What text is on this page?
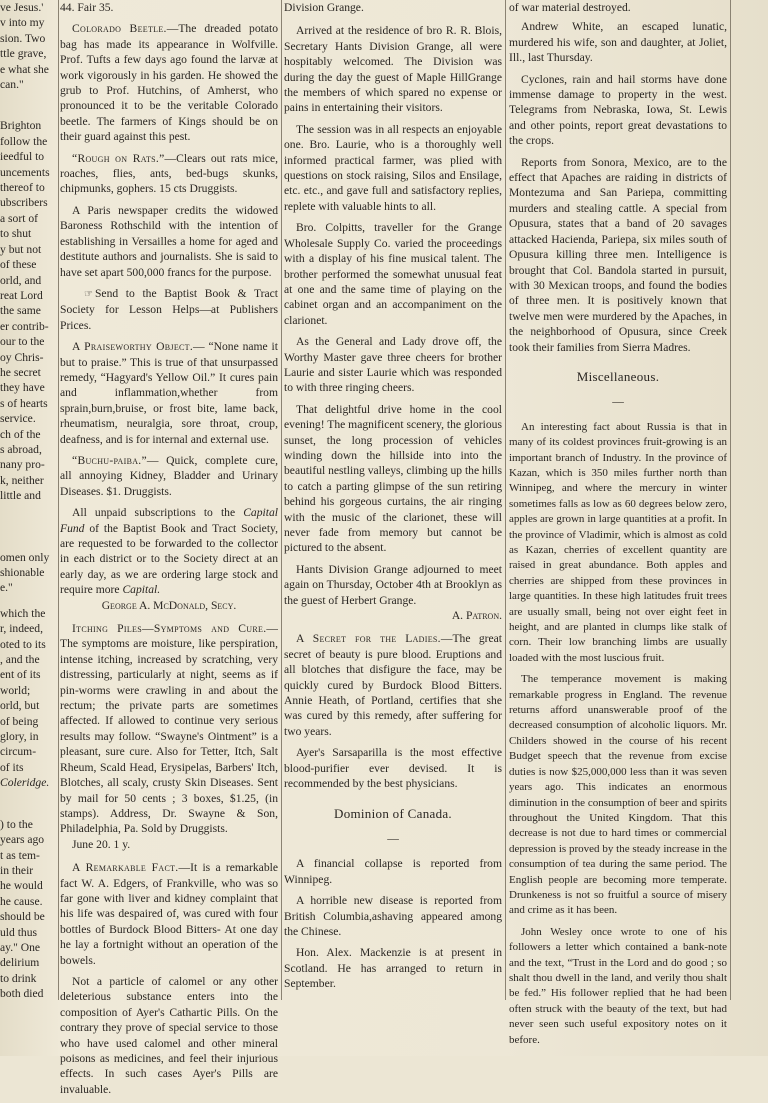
ve Jesus.'
v into my
sion. Two
ttle grave,
e what she
can."
Brighton
follow the
ieedful to
uncements
thereof to
ubscribers
a sort of
to shut
y but not
of these
orld, and
reat Lord
the same
er contrib-
our to the
oy Chris-
he secret
they have
s of hearts
service.
ch of the
s abroad,
nany pro-
k, neither
little and
omen only
shionable
e."
which the
r, indeed,
oted to its
, and the
ent of its
world;
orld, but
of being
glory, in
circum-
of its
Coleridge.
) to the
years ago
t as tem-
in their
he would
he cause.
should be
uld thus
ay." One
delirium
to drink
both died
44. Fair 35.

Colorado Beetle.—The dreaded potato bag has made its appearance in Wolfville. Prof. Tufts a few days ago found the larvæ at work vigorously in his garden. He showed the grub to Prof. Hutchins, of Amherst, who pronounced it to be the veritable Colorado beetle. The farmers of Kings should be on their guard against this pest.

“Rough on Rats.”—Clears out rats mice, roaches, flies, ants, bed-bugs skunks, chipmunks, gophers. 15 cts Druggists.

A Paris newspaper credits the widowed Baroness Rothschild with the intention of establishing in Versailles a home for aged and destitute authors and journalists. She is said to have set apart 500,000 francs for the purpose.

☞ Send to the Baptist Book & Tract Society for Lesson Helps—at Publishers Prices.

A Praiseworthy Object.— “None name it but to praise.” This is true of that unsurpassed remedy, “Hagyard's Yellow Oil.” It cures pain and inflammation,whether from sprain,burn,bruise, or frost bite, lame back, rheumatism, neuralgia, sore throat, croup, deafness, and is for internal and external use.

“Buchu-paiba.”— Quick, complete cure, all annoying Kidney, Bladder and Urinary Diseases. $1. Druggists.

All unpaid subscriptions to the Capital Fund of the Baptist Book and Tract Society, are requested to be forwarded to the collector in each district or to the Society direct at an early day, as we are ordering large stock and require more Capital.

George A. McDonald, Secy.

Itching Piles—Symptoms and Cure.—The symptoms are moisture, like perspiration, intense itching, increased by scratching, very distressing, particularly at night, seems as if pin-worms were crawling in and about the rectum; the private parts are sometimes affected. If allowed to continue very serious results may follow. “Swayne's Ointment” is a pleasant, sure cure. Also for Tetter, Itch, Salt Rheum, Scald Head, Erysipelas, Barbers' Itch, Blotches, all scaly, crusty Skin Diseases. Sent by mail for 50 cents ; 3 boxes, $1.25, (in stamps). Address, Dr. Swayne & Son, Philadelphia, Pa. Sold by Druggists.

June 20. 1 y.

A Remarkable Fact.—It is a remarkable fact W. A. Edgers, of Frankville, who was so far gone with liver and kidney complaint that his life was despaired of, was cured with four bottles of Burdock Blood Bitters- At one day he lay a fortnight without an operation of the bowels.

Not a particle of calomel or any other deleterious substance enters into the composition of Ayer's Cathartic Pills. On the contrary they prove of special service to those who have used calomel and other mineral poisons as medicines, and feel their injurious effects. In such cases Ayer's Pills are invaluable.

Division Grange.

Arrived at the residence of bro R. R. Blois, Secretary Hants Division Grange, all were hospitably welcomed. The Division was during the day the guest of Maple HillGrange the members of which spared no expense or pains in entertaining their visitors.

The session was in all respects an enjoyable one. Bro. Laurie, who is a thoroughly well informed practical farmer, was plied with questions on stock raising, Silos and Ensilage, etc. etc., and gave full and satisfactory replies, replete with valuable hints to all.

Bro. Colpitts, traveller for the Grange Wholesale Supply Co. varied the proceedings with a display of his fine musical talent. The brother performed the somewhat unusual feat at one and the same time of playing on the cabinet organ and an accompaniment on the clarionet.

As the General and Lady drove off, the Worthy Master gave three cheers for brother Laurie and sister Laurie which was responded to with three ringing cheers.

That delightful drive home in the cool evening! The magnificent scenery, the glorious sunset, the long procession of vehicles winding down the hillside into into the beautiful nestling valleys, climbing up the hills to catch a parting glimpse of the sun retiring behind his gorgeous curtains, the air ringing with the music of the clarionet, these will never fade from memory but cannot be pictured to the absent.

Hants Division Grange adjourned to meet again on Thursday, October 4th at Brooklyn as the guest of Herbert Grange.

A. Patron.

A Secret for the Ladies.—The great secret of beauty is pure blood. Eruptions and all blotches that disfigure the face, may be quickly cured by Burdock Blood Bitters. Annie Heath, of Portland, certifies that she was cured by this remedy, after suffering for two years.

Ayer's Sarsaparilla is the most effective blood-purifier ever devised. It is recommended by the best physicians.

Dominion of Canada.
—

A financial collapse is reported from Winnipeg.

A horrible new disease is reported from British Columbia,ashaving appeared among the Chinese.

Hon. Alex. Mackenzie is at present in Scotland. He has arranged to return in September.

of war material destroyed.

Andrew White, an escaped lunatic, murdered his wife, son and daughter, at Joliet, Ill., last Thursday.

Cyclones, rain and hail storms have done immense damage to property in the west. Telegrams from Nebraska, Iowa, St. Lewis and other points, report great devastations to the crops.

Reports from Sonora, Mexico, are to the effect that Apaches are raiding in districts of Montezuma and San Pariepa, committing murders and stealing cattle. A special from Opusura, states that a band of 20 savages attacked Hacienda, Pariepa, six miles south of Opusura killing three men. Intelligence is brought that Col. Bandola started in pursuit, with 30 Mexican troops, and found the bodies of three men. It is positively known that twelve men were murdered by the Apaches, in the neighborhood of Opusura, since Creek took their families from Sierra Madres.

Miscellaneous.
—

An interesting fact about Russia is that in many of its coldest provinces fruit-growing is an important branch of Industry. In the province of Kazan, which is 350 miles further north than Winnipeg, and where the mercury in winter sometimes falls as low as 60 degrees below zero, apples are grown in large quantities at a profit. In the province of Vladimir, which is almost as cold as Kazan, cherries of excellent quantity are raised in great abundance. Both apples and cherries are shipped from these provinces in large quantities. In these high latitudes fruit trees are usually small, being not over eight feet in height, and are planted in clumps like stalk of corn. Their low branching limbs are usually loaded with the most luscious fruit.

The temperance movement is making remarkable progress in England. The revenue returns afford unanswerable proof of the decreased consumption of alcoholic liquors. Mr. Childers showed in the course of his recent Budget speech that the revenue from excise duties is now $25,000,000 less than it was seven years ago. This indicates an enormous diminution in the consumption of beer and spirits throughout the United Kingdom. That this decrease is not due to hard times or commercial depression is proved by the steady increase in the consumption of tea during the same period. The English people are becoming more temperate. Drunkeness is not so fruitful a source of misery and crime as it has been.

John Wesley once wrote to one of his followers a letter which contained a bank-note and the text, “Trust in the Lord and do good ; so shalt thou dwell in the land, and verily thou shalt be fed.” His follower replied that he had been often struck with the beauty of the text, but had never seen such useful expository notes on it before.
